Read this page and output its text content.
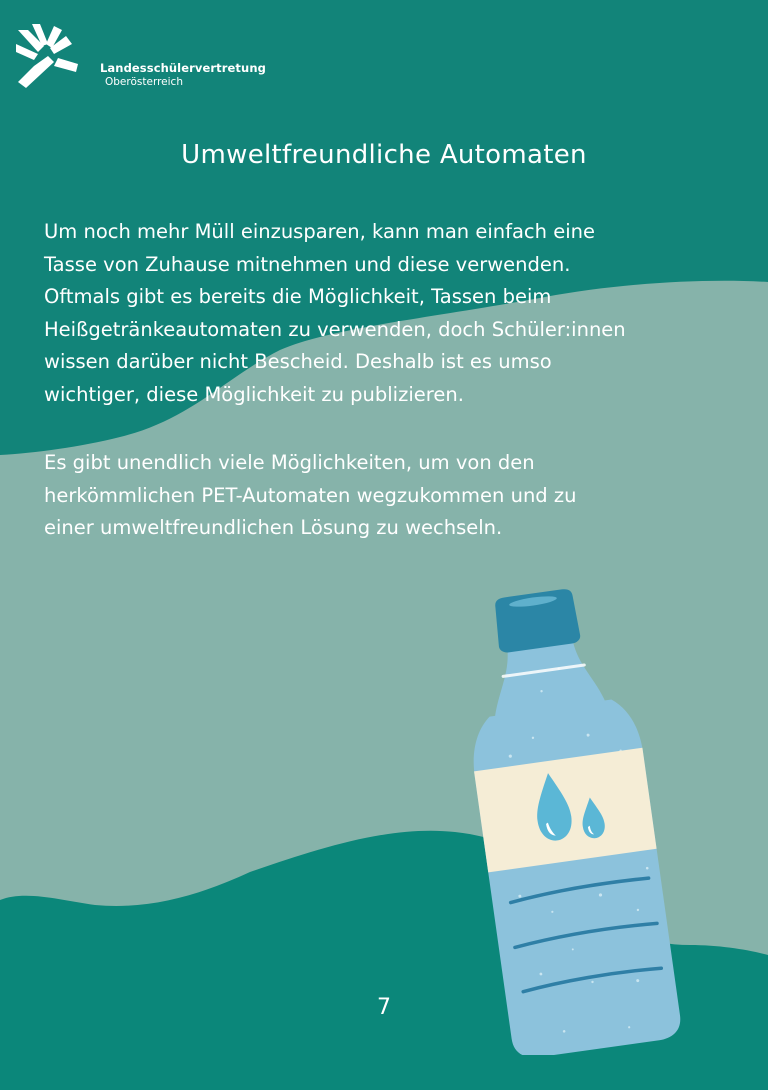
Landesschülervertretung
Oberösterreich
Umweltfreundliche Automaten

Um noch mehr Müll einzusparen, kann man einfach eine
Tasse von Zuhause mitnehmen und diese verwenden.
Oftmals gibt es bereits die Möglichkeit, Tassen beim
Heißgetränkeautomaten zu verwenden, doch Schüler:innen
wissen darüber nicht Bescheid. Deshalb ist es umso
wichtiger, diese Möglichkeit zu publizieren.

Es gibt unendlich viele Möglichkeiten, um von den
herkömmlichen PET-Automaten wegzukommen und zu
einer umweltfreundlichen Lösung zu wechseln.

7
